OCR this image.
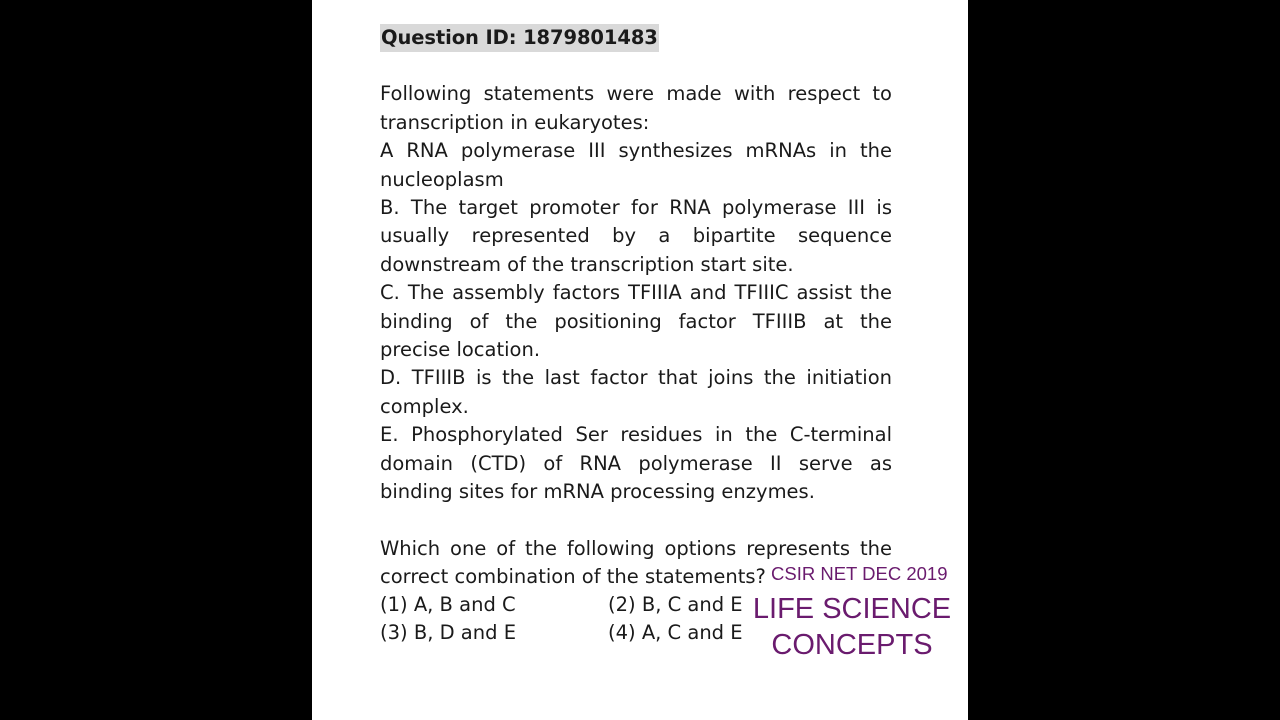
Question ID: 1879801483

Following statements were made with respect to transcription in eukaryotes:

A RNA polymerase III synthesizes mRNAs in the nucleoplasm

B. The target promoter for RNA polymerase III is usually represented by a bipartite sequence downstream of the transcription start site.

C. The assembly factors TFIIIA and TFIIIC assist the binding of the positioning factor TFIIIB at the precise location.

D. TFIIIB is the last factor that joins the initiation complex.

E. Phosphorylated Ser residues in the C-terminal domain (CTD) of RNA polymerase II serve as binding sites for mRNA processing enzymes.

Which one of the following options represents the correct combination of the statements?

(1) A, B and C	(2) B, C and E
(3) B, D and E	(4) A, C and E
CSIR NET DEC 2019
LIFE SCIENCE
CONCEPTS
